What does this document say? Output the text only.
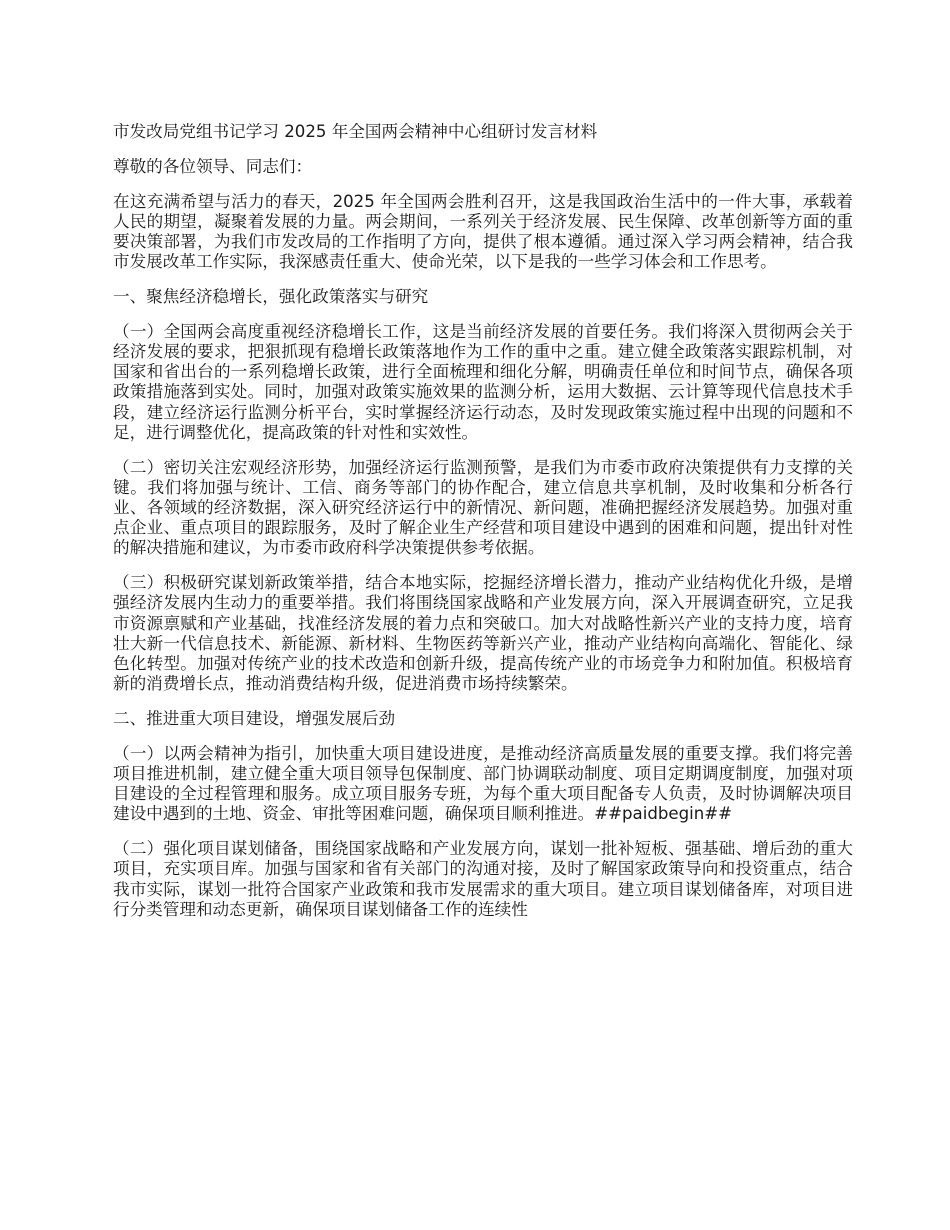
市发改局党组书记学习 2025 年全国两会精神中心组研讨发言材料

尊敬的各位领导、同志们：

在这充满希望与活力的春天，2025 年全国两会胜利召开，这是我国政治生活中的一件大事，承载着人民的期望，凝聚着发展的力量。两会期间，一系列关于经济发展、民生保障、改革创新等方面的重要决策部署，为我们市发改局的工作指明了方向，提供了根本遵循。通过深入学习两会精神，结合我市发展改革工作实际，我深感责任重大、使命光荣，以下是我的一些学习体会和工作思考。

一、聚焦经济稳增长，强化政策落实与研究

（一）全国两会高度重视经济稳增长工作，这是当前经济发展的首要任务。我们将深入贯彻两会关于经济发展的要求，把狠抓现有稳增长政策落地作为工作的重中之重。建立健全政策落实跟踪机制，对国家和省出台的一系列稳增长政策，进行全面梳理和细化分解，明确责任单位和时间节点，确保各项政策措施落到实处。同时，加强对政策实施效果的监测分析，运用大数据、云计算等现代信息技术手段，建立经济运行监测分析平台，实时掌握经济运行动态，及时发现政策实施过程中出现的问题和不足，进行调整优化，提高政策的针对性和实效性。

（二）密切关注宏观经济形势，加强经济运行监测预警，是我们为市委市政府决策提供有力支撑的关键。我们将加强与统计、工信、商务等部门的协作配合，建立信息共享机制，及时收集和分析各行业、各领域的经济数据，深入研究经济运行中的新情况、新问题，准确把握经济发展趋势。加强对重点企业、重点项目的跟踪服务，及时了解企业生产经营和项目建设中遇到的困难和问题，提出针对性的解决措施和建议，为市委市政府科学决策提供参考依据。

（三）积极研究谋划新政策举措，结合本地实际，挖掘经济增长潜力，推动产业结构优化升级，是增强经济发展内生动力的重要举措。我们将围绕国家战略和产业发展方向，深入开展调查研究，立足我市资源禀赋和产业基础，找准经济发展的着力点和突破口。加大对战略性新兴产业的支持力度，培育壮大新一代信息技术、新能源、新材料、生物医药等新兴产业，推动产业结构向高端化、智能化、绿色化转型。加强对传统产业的技术改造和创新升级，提高传统产业的市场竞争力和附加值。积极培育新的消费增长点，推动消费结构升级，促进消费市场持续繁荣。

二、推进重大项目建设，增强发展后劲

（一）以两会精神为指引，加快重大项目建设进度，是推动经济高质量发展的重要支撑。我们将完善项目推进机制，建立健全重大项目领导包保制度、部门协调联动制度、项目定期调度制度，加强对项目建设的全过程管理和服务。成立项目服务专班，为每个重大项目配备专人负责，及时协调解决项目建设中遇到的土地、资金、审批等困难问题，确保项目顺利推进。##paidbegin##

（二）强化项目谋划储备，围绕国家战略和产业发展方向，谋划一批补短板、强基础、增后劲的重大项目，充实项目库。加强与国家和省有关部门的沟通对接，及时了解国家政策导向和投资重点，结合我市实际，谋划一批符合国家产业政策和我市发展需求的重大项目。建立项目谋划储备库，对项目进行分类管理和动态更新，确保项目谋划储备工作的连续性
